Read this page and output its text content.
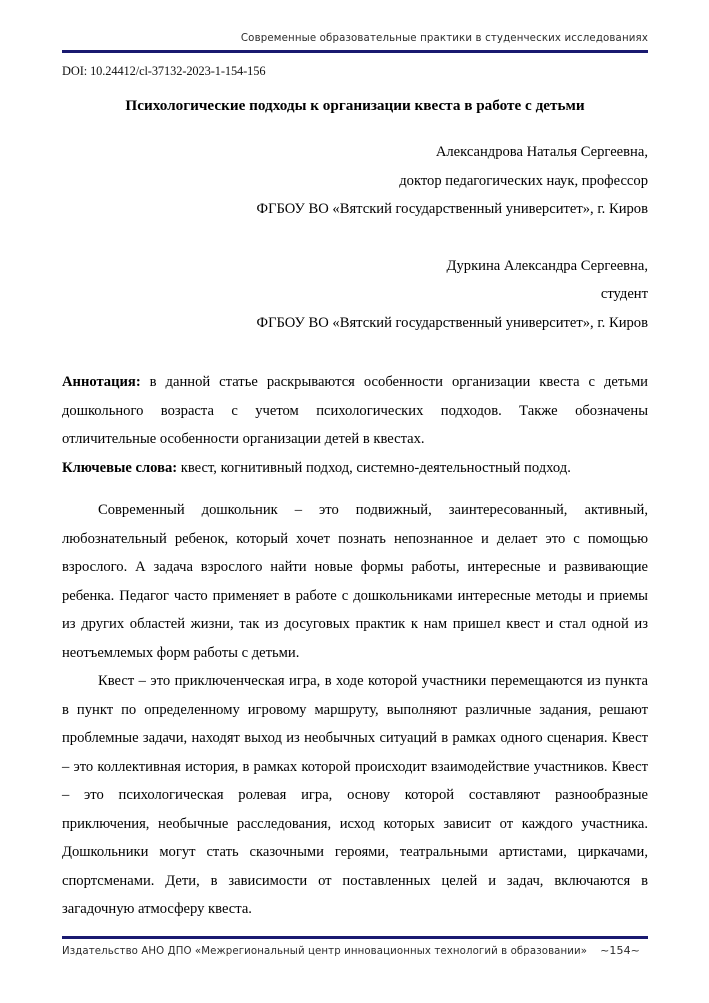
Современные образовательные практики в студенческих исследованиях
DOI: 10.24412/cl-37132-2023-1-154-156
Психологические подходы к организации квеста в работе с детьми
Александрова Наталья Сергеевна,
доктор педагогических наук, профессор
ФГБОУ ВО «Вятский государственный университет», г. Киров
Дуркина Александра Сергеевна,
студент
ФГБОУ ВО «Вятский государственный университет», г. Киров

Аннотация: в данной статье раскрываются особенности организации квеста с детьми дошкольного возраста с учетом психологических подходов. Также обозначены отличительные особенности организации детей в квестах.

Ключевые слова: квест, когнитивный подход, системно-деятельностный подход.

Современный дошкольник – это подвижный, заинтересованный, активный, любознательный ребенок, который хочет познать непознанное и делает это с помощью взрослого. А задача взрослого найти новые формы работы, интересные и развивающие ребенка. Педагог часто применяет в работе с дошкольниками интересные методы и приемы из других областей жизни, так из досуговых практик к нам пришел квест и стал одной из неотъемлемых форм работы с детьми.

Квест – это приключенческая игра, в ходе которой участники перемещаются из пункта в пункт по определенному игровому маршруту, выполняют различные задания, решают проблемные задачи, находят выход из необычных ситуаций в рамках одного сценария. Квест – это коллективная история, в рамках которой происходит взаимодействие участников. Квест – это психологическая ролевая игра, основу которой составляют разнообразные приключения, необычные расследования, исход которых зависит от каждого участника. Дошкольники могут стать сказочными героями, театральными артистами, циркачами, спортсменами. Дети, в зависимости от поставленных целей и задач, включаются в загадочную атмосферу квеста.

Издательство АНО ДПО «Межрегиональный центр инновационных технологий в образовании» ~154~
